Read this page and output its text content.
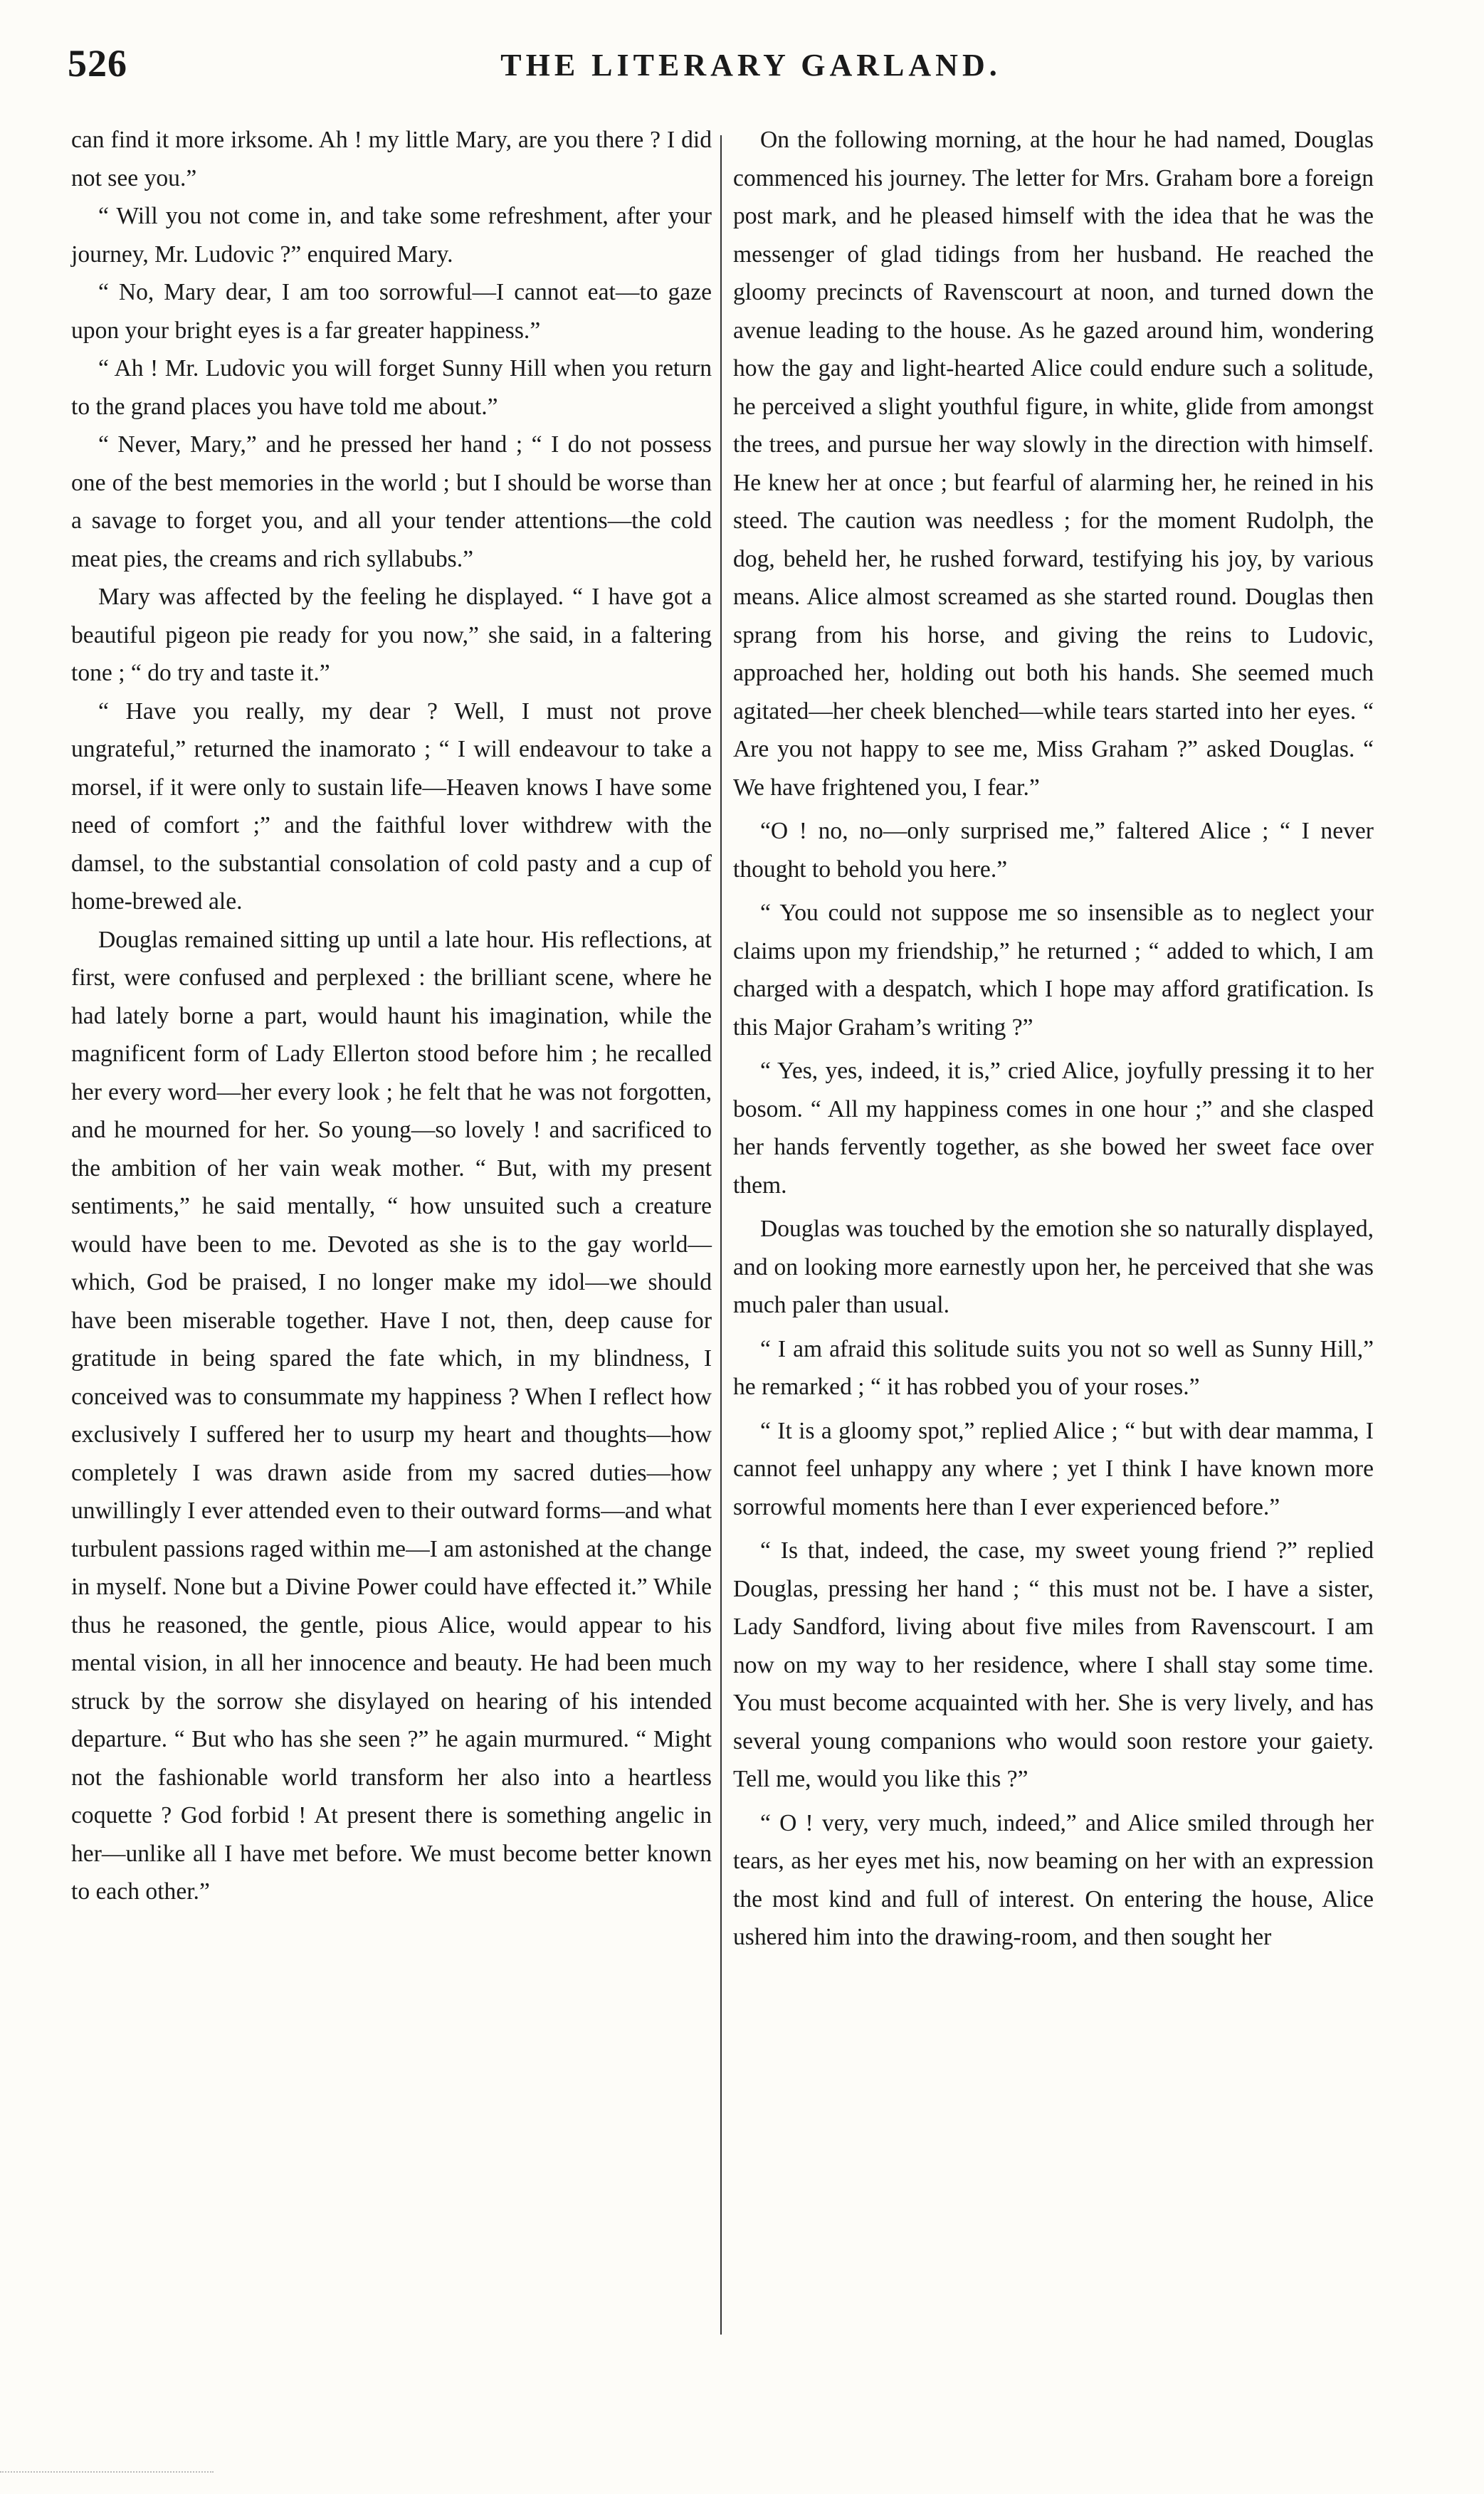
526	THE LITERARY GARLAND.

can find it more irksome. Ah ! my little Mary, are you there ? I did not see you.”

“ Will you not come in, and take some refreshment, after your journey, Mr. Ludovic ?” enquired Mary.

“ No, Mary dear, I am too sorrowful—I cannot eat—to gaze upon your bright eyes is a far greater happiness.”

“ Ah ! Mr. Ludovic you will forget Sunny Hill when you return to the grand places you have told me about.”

“ Never, Mary,” and he pressed her hand ; “ I do not possess one of the best memories in the world ; but I should be worse than a savage to forget you, and all your tender attentions—the cold meat pies, the creams and rich syllabubs.”

Mary was affected by the feeling he displayed. “ I have got a beautiful pigeon pie ready for you now,” she said, in a faltering tone ; “ do try and taste it.”

“ Have you really, my dear ? Well, I must not prove ungrateful,” returned the inamorato ; “ I will endeavour to take a morsel, if it were only to sustain life—Heaven knows I have some need of comfort ;” and the faithful lover withdrew with the damsel, to the substantial consolation of cold pasty and a cup of home-brewed ale.

Douglas remained sitting up until a late hour. His reflections, at first, were confused and perplexed : the brilliant scene, where he had lately borne a part, would haunt his imagination, while the magnificent form of Lady Ellerton stood before him ; he recalled her every word—her every look ; he felt that he was not forgotten, and he mourned for her. So young—so lovely ! and sacrificed to the ambition of her vain weak mother. “ But, with my present sentiments,” he said mentally, “ how unsuited such a creature would have been to me. Devoted as she is to the gay world—which, God be praised, I no longer make my idol—we should have been miserable together. Have I not, then, deep cause for gratitude in being spared the fate which, in my blindness, I conceived was to consummate my happiness ? When I reflect how exclusively I suffered her to usurp my heart and thoughts—how completely I was drawn aside from my sacred duties—how unwillingly I ever attended even to their outward forms—and what turbulent passions raged within me—I am astonished at the change in myself. None but a Divine Power could have effected it.” While thus he reasoned, the gentle, pious Alice, would appear to his mental vision, in all her innocence and beauty. He had been much struck by the sorrow she disylayed on hearing of his intended departure. “ But who has she seen ?” he again murmured. “ Might not the fashionable world transform her also into a heartless coquette ? God forbid ! At present there is something angelic in her—unlike all I have met before. We must become better known to each other.”

On the following morning, at the hour he had named, Douglas commenced his journey. The letter for Mrs. Graham bore a foreign post mark, and he pleased himself with the idea that he was the messenger of glad tidings from her husband. He reached the gloomy precincts of Ravenscourt at noon, and turned down the avenue leading to the house. As he gazed around him, wondering how the gay and light-hearted Alice could endure such a solitude, he perceived a slight youthful figure, in white, glide from amongst the trees, and pursue her way slowly in the direction with himself. He knew her at once ; but fearful of alarming her, he reined in his steed. The caution was needless ; for the moment Rudolph, the dog, beheld her, he rushed forward, testifying his joy, by various means. Alice almost screamed as she started round. Douglas then sprang from his horse, and giving the reins to Ludovic, approached her, holding out both his hands. She seemed much agitated—her cheek blenched—while tears started into her eyes. “ Are you not happy to see me, Miss Graham ?” asked Douglas. “ We have frightened you, I fear.”

“O ! no, no—only surprised me,” faltered Alice ; “ I never thought to behold you here.”

“ You could not suppose me so insensible as to neglect your claims upon my friendship,” he returned ; “ added to which, I am charged with a despatch, which I hope may afford gratification. Is this Major Graham’s writing ?”

“ Yes, yes, indeed, it is,” cried Alice, joyfully pressing it to her bosom. “ All my happiness comes in one hour ;” and she clasped her hands fervently together, as she bowed her sweet face over them.

Douglas was touched by the emotion she so naturally displayed, and on looking more earnestly upon her, he perceived that she was much paler than usual.

“ I am afraid this solitude suits you not so well as Sunny Hill,” he remarked ; “ it has robbed you of your roses.”

“ It is a gloomy spot,” replied Alice ; “ but with dear mamma, I cannot feel unhappy any where ; yet I think I have known more sorrowful moments here than I ever experienced before.”

“ Is that, indeed, the case, my sweet young friend ?” replied Douglas, pressing her hand ; “ this must not be. I have a sister, Lady Sandford, living about five miles from Ravenscourt. I am now on my way to her residence, where I shall stay some time. You must become acquainted with her. She is very lively, and has several young companions who would soon restore your gaiety. Tell me, would you like this ?”

“ O ! very, very much, indeed,” and Alice smiled through her tears, as her eyes met his, now beaming on her with an expression the most kind and full of interest. On entering the house, Alice ushered him into the drawing-room, and then sought her
